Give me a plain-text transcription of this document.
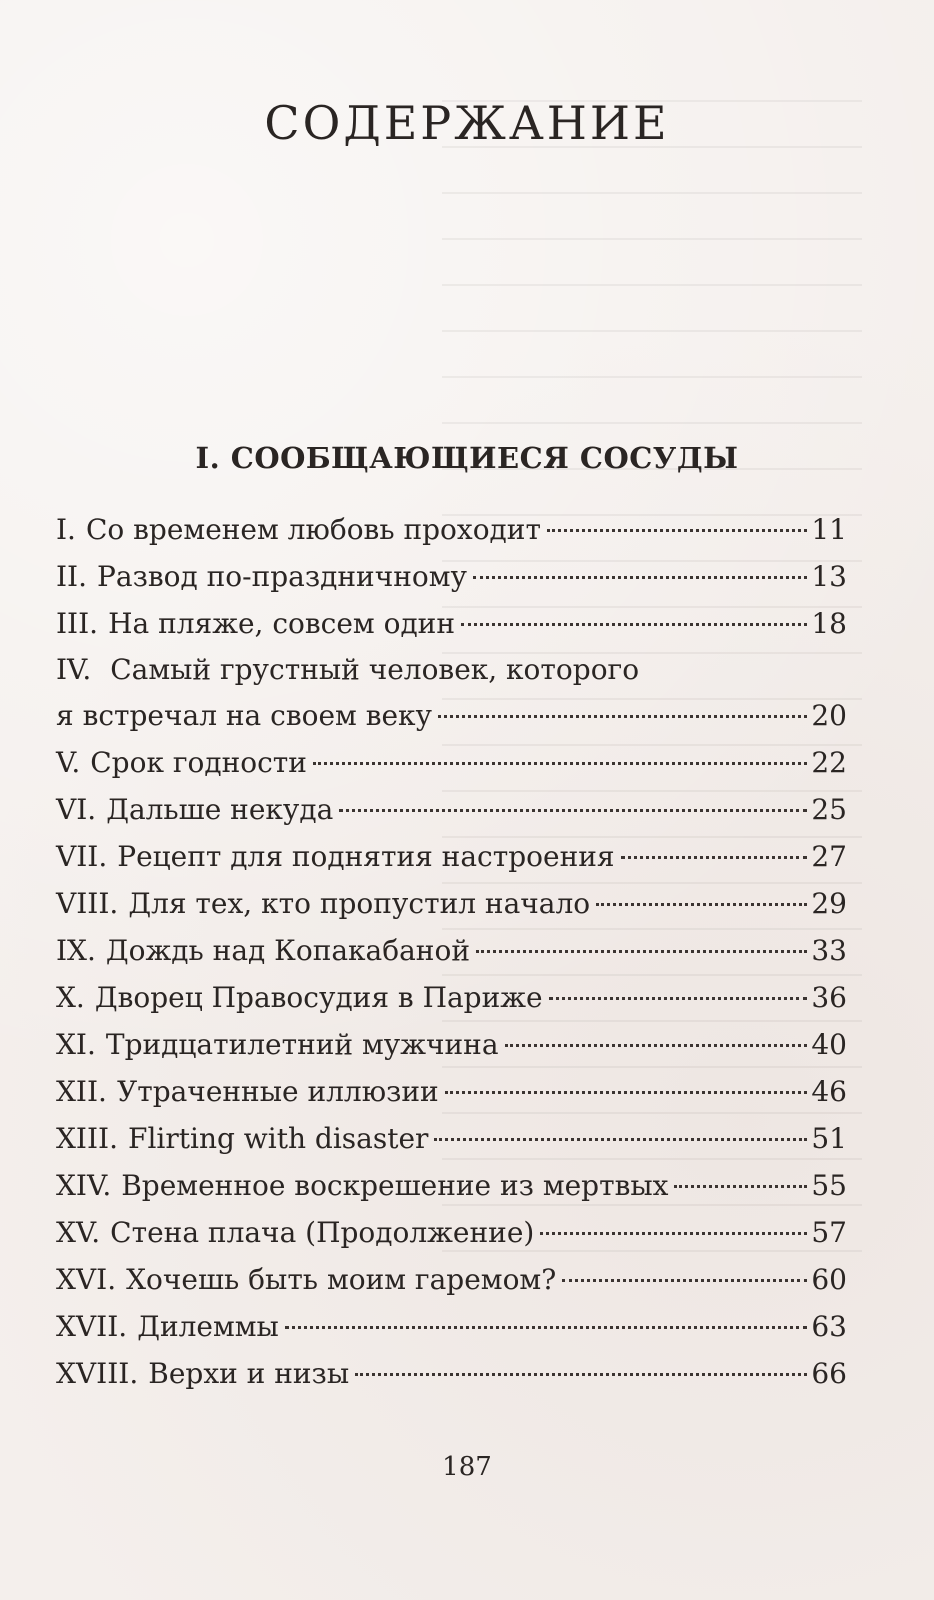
СОДЕРЖАНИЕ
I. СООБЩАЮЩИЕСЯ СОСУДЫ
I. Со временем любовь проходит	11
II. Развод по-праздничному	13
III. На пляже, совсем один	18
IV. Самый грустный человек, которого
я встречал на своем веку	20
V. Срок годности	22
VI. Дальше некуда	25
VII. Рецепт для поднятия настроения	27
VIII. Для тех, кто пропустил начало	29
IX. Дождь над Копакабаной	33
X. Дворец Правосудия в Париже	36
XI. Тридцатилетний мужчина	40
XII. Утраченные иллюзии	46
XIII. Flirting with disaster	51
XIV. Временное воскрешение из мертвых	55
XV. Стена плача (Продолжение)	57
XVI. Хочешь быть моим гаремом?	60
XVII. Дилеммы	63
XVIII. Верхи и низы	66
187
